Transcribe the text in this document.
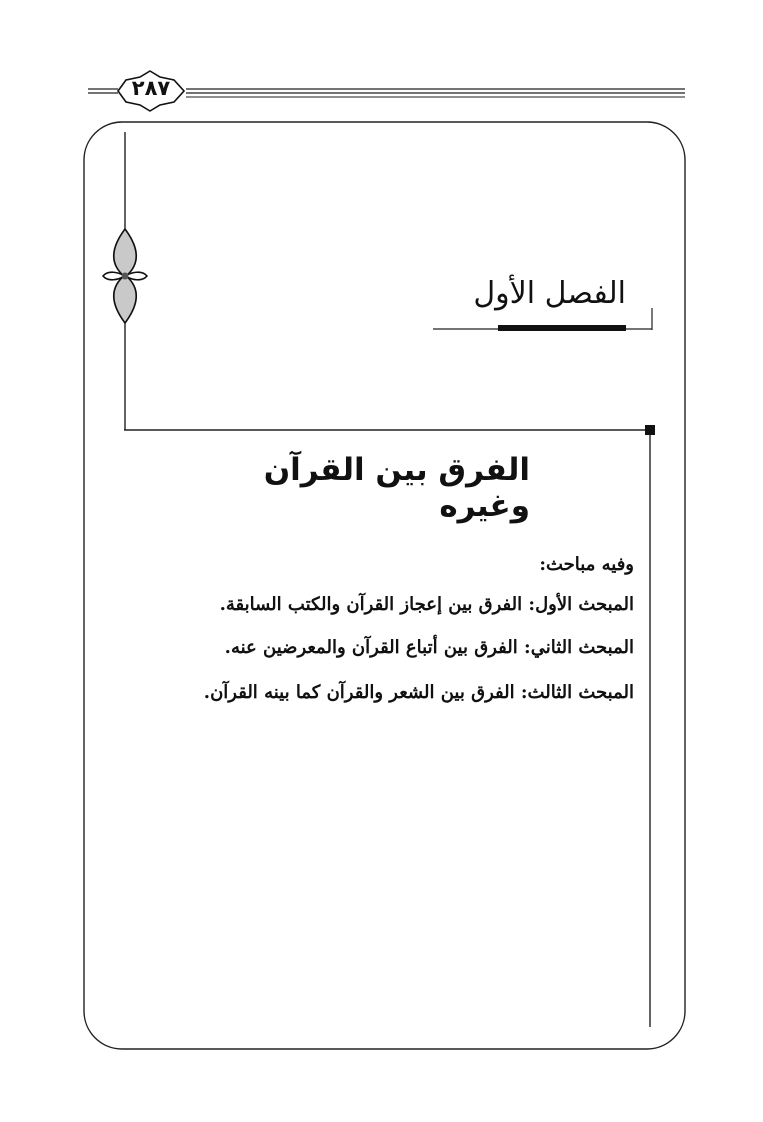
٢٨٧
الفصل الأول
الفرق بين القرآن وغيره
وفيه مباحث:
المبحث الأول: الفرق بين إعجاز القرآن والكتب السابقة.
المبحث الثاني: الفرق بين أتباع القرآن والمعرضين عنه.
المبحث الثالث: الفرق بين الشعر والقرآن كما بينه القرآن.
